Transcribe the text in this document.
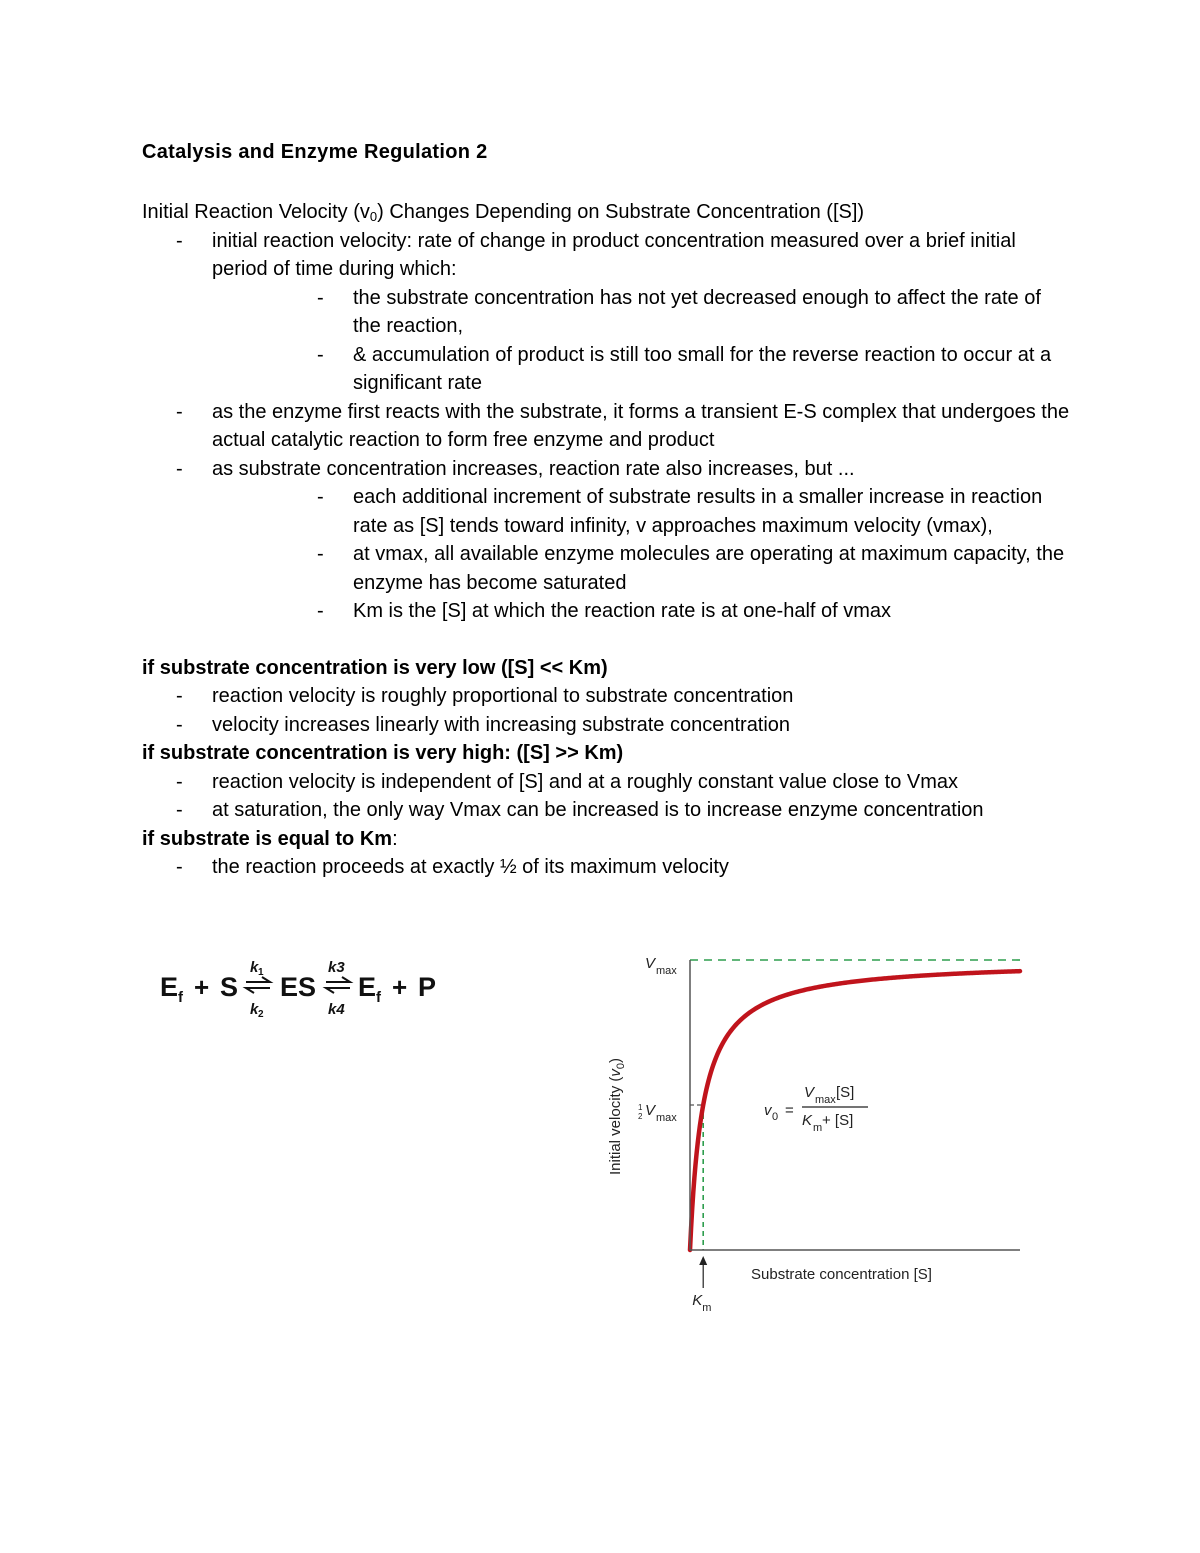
Catalysis and Enzyme Regulation 2
Initial Reaction Velocity $(v_0)$ Changes Depending on Substrate Concentration ([S])
- initial reaction velocity: rate of change in product concentration measured over a brief initial period of time during which:
- the substrate concentration has not yet decreased enough to affect the rate of the reaction,
- & accumulation of product is still too small for the reverse reaction to occur at a significant rate
- as the enzyme first reacts with the substrate, it forms a transient E-S complex that undergoes the actual catalytic reaction to form free enzyme and product
- as substrate concentration increases, reaction rate also increases, but ...
- each additional increment of substrate results in a smaller increase in reaction rate as [S] tends toward infinity, v approaches maximum velocity (vmax),
- at vmax, all available enzyme molecules are operating at maximum capacity, the enzyme has become saturated
- Km is the [S] at which the reaction rate is at one-half of vmax
if substrate concentration is very low ([S] << Km)
- reaction velocity is roughly proportional to substrate concentration
- velocity increases linearly with increasing substrate concentration
if substrate concentration is very high: ([S] >> Km)
- reaction velocity is independent of [S] and at a roughly constant value close to Vmax
- at saturation, the only way Vmax can be increased is to increase enzyme concentration
if substrate is equal to Km:
- the reaction proceeds at exactly ½ of its maximum velocity
E f + S
k 1
k 2
ES
k3
k4
E f + P
V max
1
2 V max
Initial velocity $(v_0)$
Substrate concentration [S]
K m
v 0 =
V max [S]
K m + [S]
